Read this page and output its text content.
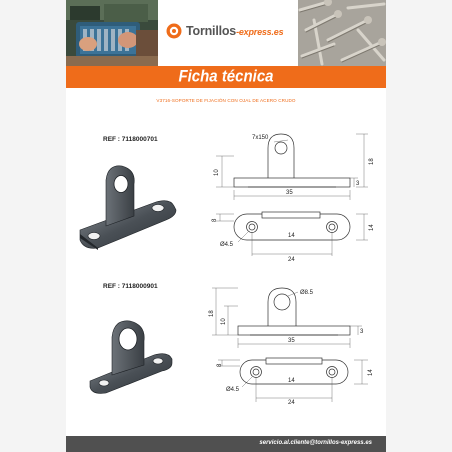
Tornillos-express.es
Ficha técnica
V3716-SOPORTE DE FIJACIÓN CON OJAL DE ACERO CRUDO
REF : 7118000701	7x150
10
18
3
35
8
14
14
Ø4.5
24
REF : 7118000901
Ø8.5
18
10
3
35
8
14
14
Ø4.5
24
servicio.al.cliente@tornillos-express.es
